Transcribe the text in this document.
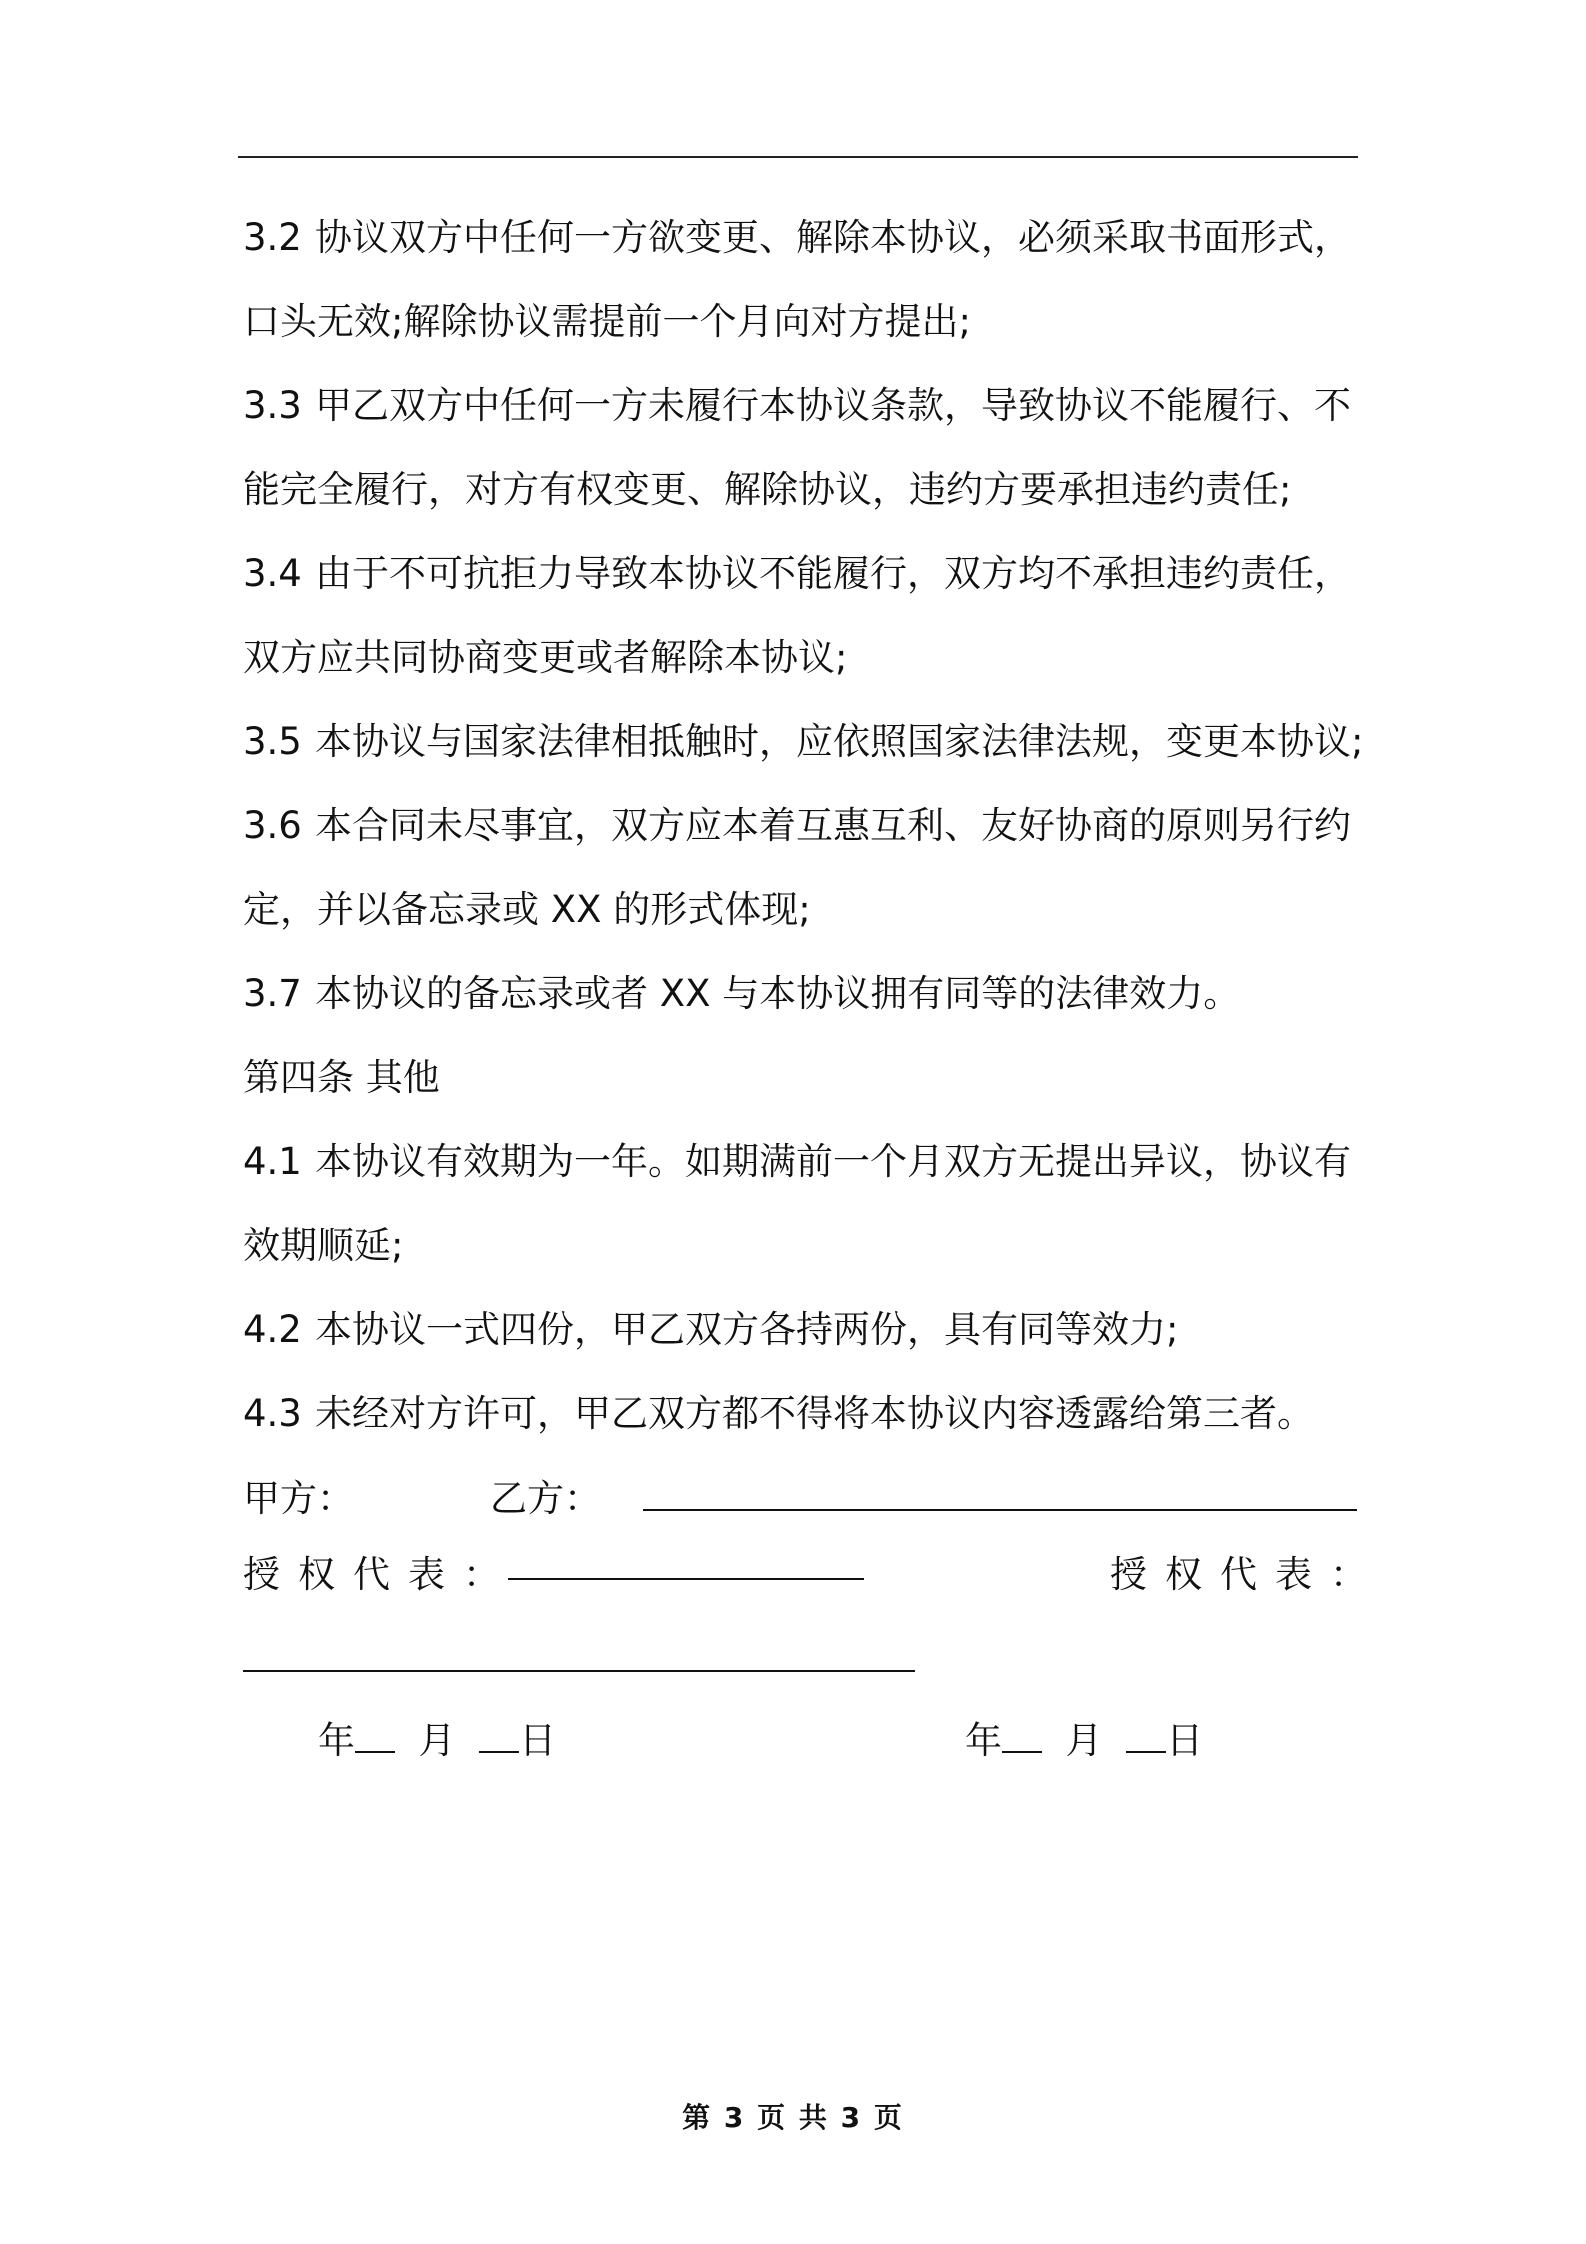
3.2 协议双方中任何一方欲变更、解除本协议，必须采取书面形式，

口头无效;解除协议需提前一个月向对方提出;

3.3 甲乙双方中任何一方未履行本协议条款，导致协议不能履行、不

能完全履行，对方有权变更、解除协议，违约方要承担违约责任;

3.4 由于不可抗拒力导致本协议不能履行，双方均不承担违约责任，

双方应共同协商变更或者解除本协议;

3.5 本协议与国家法律相抵触时，应依照国家法律法规，变更本协议;

3.6 本合同未尽事宜，双方应本着互惠互利、友好协商的原则另行约

定，并以备忘录或 XX 的形式体现;

3.7 本协议的备忘录或者 XX 与本协议拥有同等的法律效力。

第四条 其他

4.1 本协议有效期为一年。如期满前一个月双方无提出异议，协议有

效期顺延;

4.2 本协议一式四份，甲乙双方各持两份，具有同等效力;

4.3 未经对方许可，甲乙双方都不得将本协议内容透露给第三者。

甲方：	乙方：
授权代表：	授权代表：
年 月 日	年 月 日
第 3 页 共 3 页
